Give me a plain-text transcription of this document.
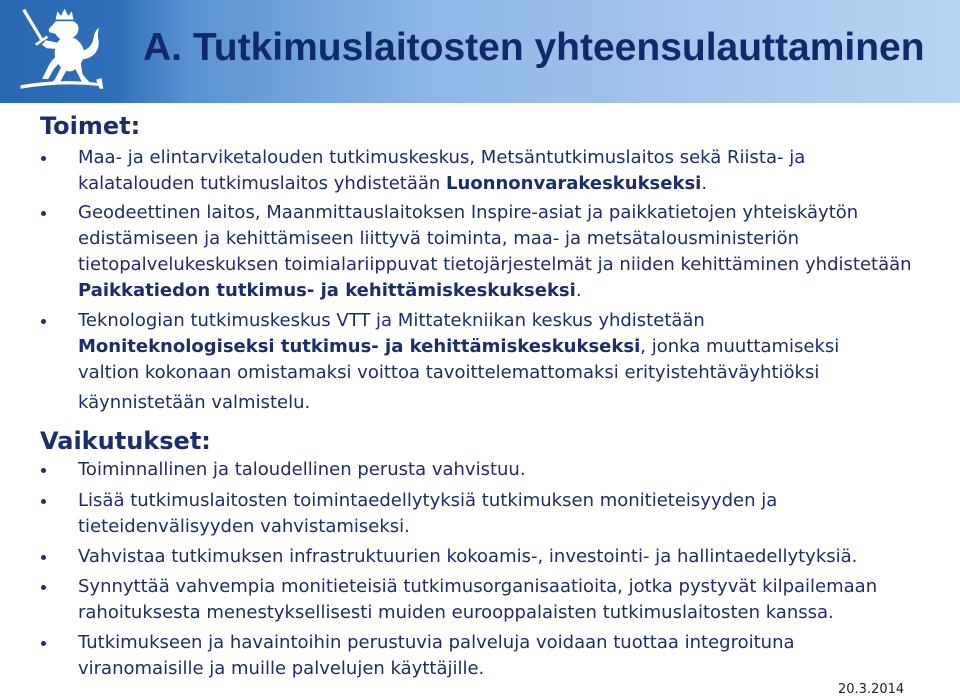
A. Tutkimuslaitosten yhteensulauttaminen
Toimet:
Maa- ja elintarviketalouden tutkimuskeskus, Metsäntutkimuslaitos sekä Riista- ja
kalatalouden tutkimuslaitos yhdistetään Luonnonvarakeskukseksi.
Geodeettinen laitos, Maanmittauslaitoksen Inspire-asiat ja paikkatietojen yhteiskäytön
edistämiseen ja kehittämiseen liittyvä toiminta, maa- ja metsätalousministeriön
tietopalvelukeskuksen toimialariippuvat tietojärjestelmät ja niiden kehittäminen yhdistetään
Paikkatiedon tutkimus- ja kehittämiskeskukseksi.
Teknologian tutkimuskeskus VTT ja Mittatekniikan keskus yhdistetään
Moniteknologiseksi tutkimus- ja kehittämiskeskukseksi, jonka muuttamiseksi
valtion kokonaan omistamaksi voittoa tavoittelemattomaksi erityistehtäväyhtiöksi
käynnistetään valmistelu.
Vaikutukset:
Toiminnallinen ja taloudellinen perusta vahvistuu.
Lisää tutkimuslaitosten toimintaedellytyksiä tutkimuksen monitieteisyyden ja
tieteidenvälisyyden vahvistamiseksi.
Vahvistaa tutkimuksen infrastruktuurien kokoamis-, investointi- ja hallintaedellytyksiä.
Synnyttää vahvempia monitieteisiä tutkimusorganisaatioita, jotka pystyvät kilpailemaan
rahoituksesta menestyksellisesti muiden eurooppalaisten tutkimuslaitosten kanssa.
Tutkimukseen ja havaintoihin perustuvia palveluja voidaan tuottaa integroituna
viranomaisille ja muille palvelujen käyttäjille.
20.3.2014
